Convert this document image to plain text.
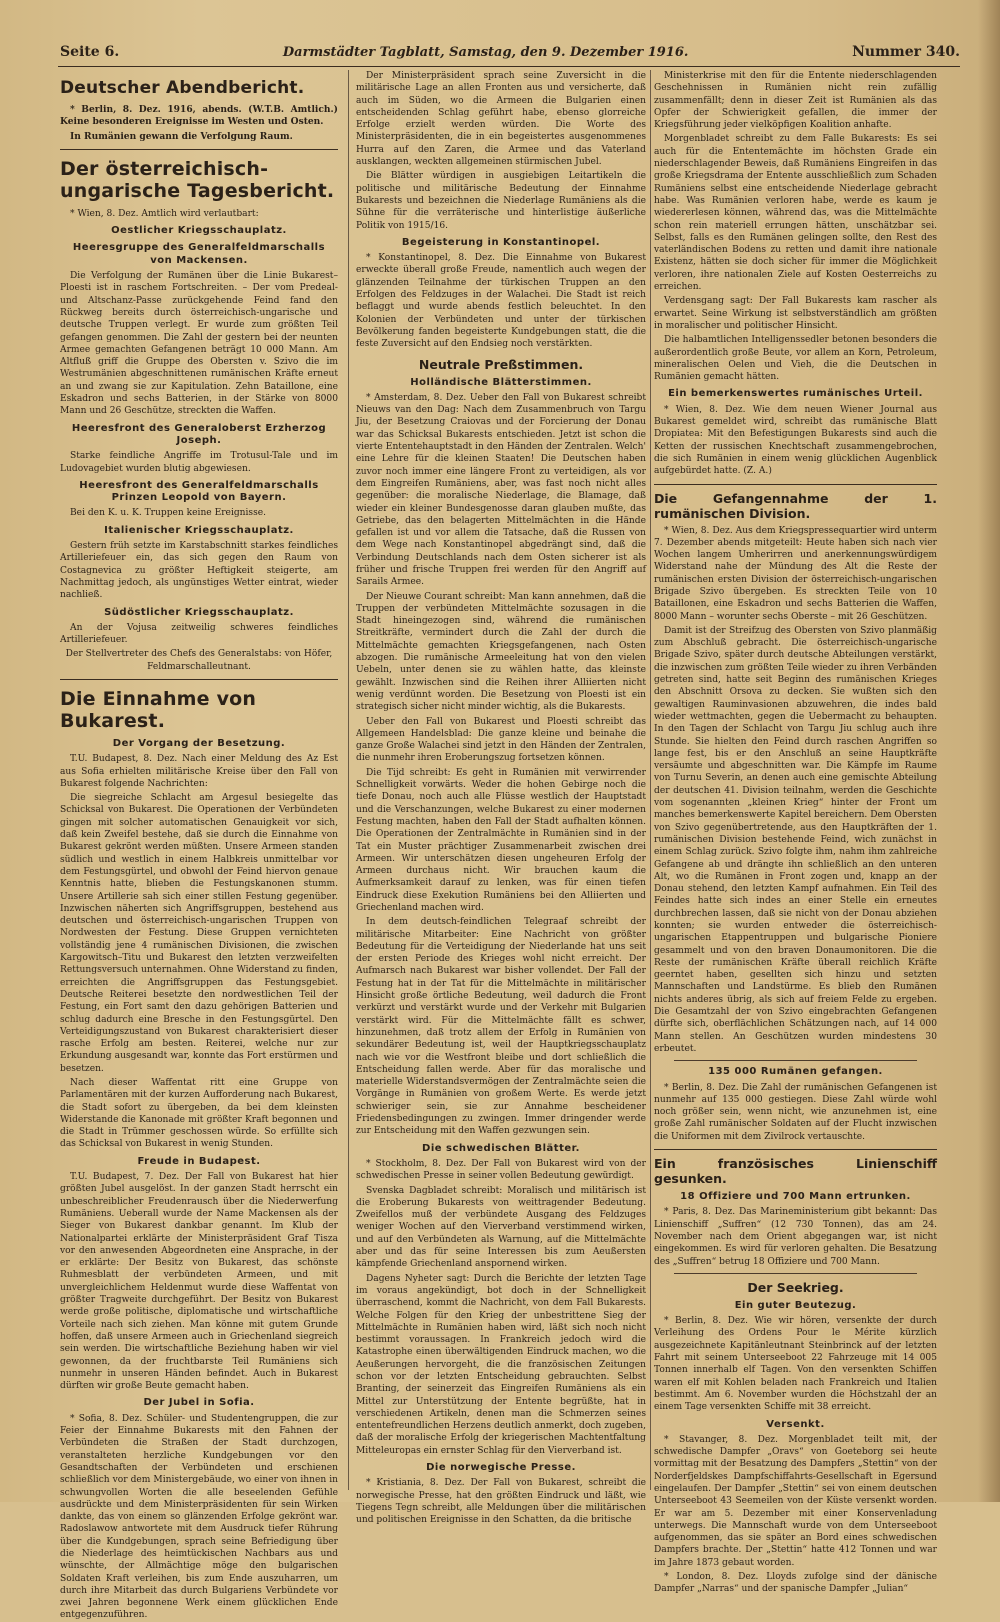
Seite 6.	Darmstädter Tagblatt, Samstag, den 9. Dezember 1916.	Nummer 340.
Deutscher Abendbericht.

* Berlin, 8. Dez. 1916, abends. (W.T.B. Amtlich.) Keine besonderen Ereignisse im Westen und Osten.

In Rumänien gewann die Verfolgung Raum.

Der österreichisch-ungarische Tagesbericht.

* Wien, 8. Dez. Amtlich wird verlautbart:

Oestlicher Kriegsschauplatz.
Heeresgruppe des Generalfeldmarschalls von Mackensen.

Die Verfolgung der Rumänen über die Linie Bukarest–Ploesti ist in raschem Fortschreiten. – Der vom Predeal- und Altschanz-Passe zurückgehende Feind fand den Rückweg bereits durch österreichisch-ungarische und deutsche Truppen verlegt. Er wurde zum größten Teil gefangen genommen. Die Zahl der gestern bei der neunten Armee gemachten Gefangenen beträgt 10 000 Mann. Am Altfluß griff die Gruppe des Obersten v. Szivo die im Westrumänien abgeschnittenen rumänischen Kräfte erneut an und zwang sie zur Kapitulation. Zehn Bataillone, eine Eskadron und sechs Batterien, in der Stärke von 8000 Mann und 26 Geschütze, streckten die Waffen.

Heeresfront des Generaloberst Erzherzog Joseph.

Starke feindliche Angriffe im Trotusul-Tale und im Ludovagebiet wurden blutig abgewiesen.

Heeresfront des Generalfeldmarschalls Prinzen Leopold von Bayern.

Bei den K. u. K. Truppen keine Ereignisse.

Italienischer Kriegsschauplatz.

Gestern früh setzte im Karstabschnitt starkes feindliches Artilleriefeuer ein, das sich gegen den Raum von Costagnevica zu größter Heftigkeit steigerte, am Nachmittag jedoch, als ungünstiges Wetter eintrat, wieder nachließ.

Südöstlicher Kriegsschauplatz.

An der Vojusa zeitweilig schweres feindliches Artilleriefeuer.

Der Stellvertreter des Chefs des Generalstabs: von Höfer, Feldmarschalleutnant.

Die Einnahme von Bukarest.
Der Vorgang der Besetzung.

T.U. Budapest, 8. Dez. Nach einer Meldung des Az Est aus Sofia erhielten militärische Kreise über den Fall von Bukarest folgende Nachrichten:

Die siegreiche Schlacht am Argesul besiegelte das Schicksal von Bukarest. Die Operationen der Verbündeten gingen mit solcher automatischen Genauigkeit vor sich, daß kein Zweifel bestehe, daß sie durch die Einnahme von Bukarest gekrönt werden müßten. Unsere Armeen standen südlich und westlich in einem Halbkreis unmittelbar vor dem Festungsgürtel, und obwohl der Feind hiervon genaue Kenntnis hatte, blieben die Festungskanonen stumm. Unsere Artillerie sah sich einer stillen Festung gegenüber. Inzwischen näherten sich Angriffsgruppen, bestehend aus deutschen und österreichisch-ungarischen Truppen von Nordwesten der Festung. Diese Gruppen vernichteten vollständig jene 4 rumänischen Divisionen, die zwischen Kargowitsch–Titu und Bukarest den letzten verzweifelten Rettungsversuch unternahmen. Ohne Widerstand zu finden, erreichten die Angriffsgruppen das Festungsgebiet. Deutsche Reiterei besetzte den nordwestlichen Teil der Festung, ein Fort samt den dazu gehörigen Batterien und schlug dadurch eine Bresche in den Festungsgürtel. Den Verteidigungszustand von Bukarest charakterisiert dieser rasche Erfolg am besten. Reiterei, welche nur zur Erkundung ausgesandt war, konnte das Fort erstürmen und besetzen.

Nach dieser Waffentat ritt eine Gruppe von Parlamentären mit der kurzen Aufforderung nach Bukarest, die Stadt sofort zu übergeben, da bei dem kleinsten Widerstande die Kanonade mit größter Kraft begonnen und die Stadt in Trümmer geschossen würde. So erfüllte sich das Schicksal von Bukarest in wenig Stunden.

Freude in Budapest.

T.U. Budapest, 7. Dez. Der Fall von Bukarest hat hier größten Jubel ausgelöst. In der ganzen Stadt herrscht ein unbeschreiblicher Freudenrausch über die Niederwerfung Rumäniens. Ueberall wurde der Name Mackensen als der Sieger von Bukarest dankbar genannt. Im Klub der Nationalpartei erklärte der Ministerpräsident Graf Tisza vor den anwesenden Abgeordneten eine Ansprache, in der er erklärte: Der Besitz von Bukarest, das schönste Ruhmesblatt der verbündeten Armeen, und mit unvergleichlichem Heldenmut wurde diese Waffentat von größter Tragweite durchgeführt. Der Besitz von Bukarest werde große politische, diplomatische und wirtschaftliche Vorteile nach sich ziehen. Man könne mit gutem Grunde hoffen, daß unsere Armeen auch in Griechenland siegreich sein werden. Die wirtschaftliche Beziehung haben wir viel gewonnen, da der fruchtbarste Teil Rumäniens sich nunmehr in unseren Händen befindet. Auch in Bukarest dürften wir große Beute gemacht haben.

Der Jubel in Sofia.

* Sofia, 8. Dez. Schüler- und Studentengruppen, die zur Feier der Einnahme Bukarests mit den Fahnen der Verbündeten die Straßen der Stadt durchzogen, veranstalteten herzliche Kundgebungen vor den Gesandtschaften der Verbündeten und erschienen schließlich vor dem Ministergebäude, wo einer von ihnen in schwungvollen Worten die alle beseelenden Gefühle ausdrückte und dem Ministerpräsidenten für sein Wirken dankte, das von einem so glänzenden Erfolge gekrönt war. Radoslawow antwortete mit dem Ausdruck tiefer Rührung über die Kundgebungen, sprach seine Befriedigung über die Niederlage des heimtückischen Nachbars aus und wünschte, der Allmächtige möge den bulgarischen Soldaten Kraft verleihen, bis zum Ende auszuharren, um durch ihre Mitarbeit das durch Bulgariens Verbündete vor zwei Jahren begonnene Werk einem glücklichen Ende entgegenzuführen.

Der Ministerpräsident sprach seine Zuversicht in die militärische Lage an allen Fronten aus und versicherte, daß auch im Süden, wo die Armeen die Bulgarien einen entscheidenden Schlag geführt habe, ebenso glorreiche Erfolge erzielt werden würden. Die Worte des Ministerpräsidenten, die in ein begeistertes ausgenommenes Hurra auf den Zaren, die Armee und das Vaterland ausklangen, weckten allgemeinen stürmischen Jubel.

Die Blätter würdigen in ausgiebigen Leitartikeln die politische und militärische Bedeutung der Einnahme Bukarests und bezeichnen die Niederlage Rumäniens als die Sühne für die verräterische und hinterlistige äußerliche Politik von 1915/16.

Begeisterung in Konstantinopel.

* Konstantinopel, 8. Dez. Die Einnahme von Bukarest erweckte überall große Freude, namentlich auch wegen der glänzenden Teilnahme der türkischen Truppen an den Erfolgen des Feldzuges in der Walachei. Die Stadt ist reich beflaggt und wurde abends festlich beleuchtet. In den Kolonien der Verbündeten und unter der türkischen Bevölkerung fanden begeisterte Kundgebungen statt, die die feste Zuversicht auf den Endsieg noch verstärkten.

Neutrale Preßstimmen.
Holländische Blätterstimmen.

* Amsterdam, 8. Dez. Ueber den Fall von Bukarest schreibt Nieuws van den Dag: Nach dem Zusammenbruch von Targu Jiu, der Besetzung Craiovas und der Forcierung der Donau war das Schicksal Bukarests entschieden. Jetzt ist schon die vierte Ententehauptstadt in den Händen der Zentralen. Welch' eine Lehre für die kleinen Staaten! Die Deutschen haben zuvor noch immer eine längere Front zu verteidigen, als vor dem Eingreifen Rumäniens, aber, was fast noch nicht alles gegenüber: die moralische Niederlage, die Blamage, daß wieder ein kleiner Bundesgenosse daran glauben mußte, das Getriebe, das den belagerten Mittelmächten in die Hände gefallen ist und vor allem die Tatsache, daß die Russen von dem Wege nach Konstantinopel abgedrängt sind, daß die Verbindung Deutschlands nach dem Osten sicherer ist als früher und frische Truppen frei werden für den Angriff auf Sarails Armee.

Der Nieuwe Courant schreibt: Man kann annehmen, daß die Truppen der verbündeten Mittelmächte sozusagen in die Stadt hineingezogen sind, während die rumänischen Streitkräfte, vermindert durch die Zahl der durch die Mittelmächte gemachten Kriegsgefangenen, nach Osten abzogen. Die rumänische Armeeleitung hat von den vielen Uebeln, unter denen sie zu wählen hatte, das kleinste gewählt. Inzwischen sind die Reihen ihrer Alliierten nicht wenig verdünnt worden. Die Besetzung von Ploesti ist ein strategisch sicher nicht minder wichtig, als die Bukarests.

Ueber den Fall von Bukarest und Ploesti schreibt das Allgemeen Handelsblad: Die ganze kleine und beinahe die ganze Große Walachei sind jetzt in den Händen der Zentralen, die nunmehr ihren Eroberungszug fortsetzen können.

Die Tijd schreibt: Es geht in Rumänien mit verwirrender Schnelligkeit vorwärts. Weder die hohen Gebirge noch die tiefe Donau, noch auch alle Flüsse westlich der Hauptstadt und die Verschanzungen, welche Bukarest zu einer modernen Festung machten, haben den Fall der Stadt aufhalten können. Die Operationen der Zentralmächte in Rumänien sind in der Tat ein Muster prächtiger Zusammenarbeit zwischen drei Armeen. Wir unterschätzen diesen ungeheuren Erfolg der Armeen durchaus nicht. Wir brauchen kaum die Aufmerksamkeit darauf zu lenken, was für einen tiefen Eindruck diese Exekution Rumäniens bei den Alliierten und Griechenland machen wird.

In dem deutsch-feindlichen Telegraaf schreibt der militärische Mitarbeiter: Eine Nachricht von größter Bedeutung für die Verteidigung der Niederlande hat uns seit der ersten Periode des Krieges wohl nicht erreicht. Der Aufmarsch nach Bukarest war bisher vollendet. Der Fall der Festung hat in der Tat für die Mittelmächte in militärischer Hinsicht große örtliche Bedeutung, weil dadurch die Front verkürzt und verstärkt wurde und der Verkehr mit Bulgarien verstärkt wird. Für die Mittelmächte fällt es schwer, hinzunehmen, daß trotz allem der Erfolg in Rumänien von sekundärer Bedeutung ist, weil der Hauptkriegsschauplatz nach wie vor die Westfront bleibe und dort schließlich die Entscheidung fallen werde. Aber für das moralische und materielle Widerstandsvermögen der Zentralmächte seien die Vorgänge in Rumänien von großem Werte. Es werde jetzt schwieriger sein, sie zur Annahme bescheidener Friedensbedingungen zu zwingen. Immer dringender werde zur Entscheidung mit den Waffen gezwungen sein.

Die schwedischen Blätter.

* Stockholm, 8. Dez. Der Fall von Bukarest wird von der schwedischen Presse in seiner vollen Bedeutung gewürdigt.

Svenska Dagbladet schreibt: Moralisch und militärisch ist die Eroberung Bukarests von weittragender Bedeutung. Zweifellos muß der verbündete Ausgang des Feldzuges weniger Wochen auf den Vierverband verstimmend wirken, und auf den Verbündeten als Warnung, auf die Mittelmächte aber und das für seine Interessen bis zum Aeußersten kämpfende Griechenland anspornend wirken.

Dagens Nyheter sagt: Durch die Berichte der letzten Tage im voraus angekündigt, bot doch in der Schnelligkeit überraschend, kommt die Nachricht, von dem Fall Bukarests. Welche Folgen für den Krieg der unbestrittene Sieg der Mittelmächte in Rumänien haben wird, läßt sich noch nicht bestimmt voraussagen. In Frankreich jedoch wird die Katastrophe einen überwältigenden Eindruck machen, wo die Aeußerungen hervorgeht, die die französischen Zeitungen schon vor der letzten Entscheidung gebrauchten. Selbst Branting, der seinerzeit das Eingreifen Rumäniens als ein Mittel zur Unterstützung der Entente begrüßte, hat in verschiedenen Artikeln, denen man die Schmerzen seines ententefreundlichen Herzens deutlich anmerkt, doch zugeben, daß der moralische Erfolg der kriegerischen Machtentfaltung Mitteleuropas ein ernster Schlag für den Vierverband ist.

Die norwegische Presse.

* Kristiania, 8. Dez. Der Fall von Bukarest, schreibt die norwegische Presse, hat den größten Eindruck und läßt, wie Tiegens Tegn schreibt, alle Meldungen über die militärischen und politischen Ereignisse in den Schatten, da die britische

Ministerkrise mit den für die Entente niederschlagenden Geschehnissen in Rumänien nicht rein zufällig zusammenfällt; denn in dieser Zeit ist Rumänien als das Opfer der Schwierigkeit gefallen, die immer der Kriegsführung jeder vielköpfigen Koalition anhafte.

Morgenbladet schreibt zu dem Falle Bukarests: Es sei auch für die Ententemächte im höchsten Grade ein niederschlagender Beweis, daß Rumäniens Eingreifen in das große Kriegsdrama der Entente ausschließlich zum Schaden Rumäniens selbst eine entscheidende Niederlage gebracht habe. Was Rumänien verloren habe, werde es kaum je wiedererlesen können, während das, was die Mittelmächte schon rein materiell errungen hätten, unschätzbar sei. Selbst, falls es den Rumänen gelingen sollte, den Rest des vaterländischen Bodens zu retten und damit ihre nationale Existenz, hätten sie doch sicher für immer die Möglichkeit verloren, ihre nationalen Ziele auf Kosten Oesterreichs zu erreichen.

Verdensgang sagt: Der Fall Bukarests kam rascher als erwartet. Seine Wirkung ist selbstverständlich am größten in moralischer und politischer Hinsicht.

Die halbamtlichen Intelligenssedler betonen besonders die außerordentlich große Beute, vor allem an Korn, Petroleum, mineralischen Oelen und Vieh, die die Deutschen in Rumänien gemacht hätten.

Ein bemerkenswertes rumänisches Urteil.

* Wien, 8. Dez. Wie dem neuen Wiener Journal aus Bukarest gemeldet wird, schreibt das rumänische Blatt Dropiatea: Mit den Befestigungen Bukarests sind auch die Ketten der russischen Knechtschaft zusammengebrochen, die sich Rumänien in einem wenig glücklichen Augenblick aufgebürdet hatte. (Z. A.)

Die Gefangennahme der 1. rumänischen Division.

* Wien, 8. Dez. Aus dem Kriegspressequartier wird unterm 7. Dezember abends mitgeteilt: Heute haben sich nach vier Wochen langem Umherirren und anerkennungswürdigem Widerstand nahe der Mündung des Alt die Reste der rumänischen ersten Division der österreichisch-ungarischen Brigade Szivo übergeben. Es streckten Teile von 10 Bataillonen, eine Eskadron und sechs Batterien die Waffen, 8000 Mann – worunter sechs Oberste – mit 26 Geschützen.

Damit ist der Streifzug des Obersten von Szivo planmäßig zum Abschluß gebracht. Die österreichisch-ungarische Brigade Szivo, später durch deutsche Abteilungen verstärkt, die inzwischen zum größten Teile wieder zu ihren Verbänden getreten sind, hatte seit Beginn des rumänischen Krieges den Abschnitt Orsova zu decken. Sie wußten sich den gewaltigen Rauminvasionen abzuwehren, die indes bald wieder wettmachten, gegen die Uebermacht zu behaupten. In den Tagen der Schlacht von Targu Jiu schlug auch ihre Stunde. Sie hielten den Feind durch raschen Angriffen so lange fest, bis er den Anschluß an seine Hauptkräfte versäumte und abgeschnitten war. Die Kämpfe im Raume von Turnu Severin, an denen auch eine gemischte Abteilung der deutschen 41. Division teilnahm, werden die Geschichte vom sogenannten „kleinen Krieg“ hinter der Front um manches bemerkenswerte Kapitel bereichern. Dem Obersten von Szivo gegenübertretende, aus den Hauptkräften der 1. rumänischen Division bestehende Feind, wich zunächst in einem Schlag zurück. Szivo folgte ihm, nahm ihm zahlreiche Gefangene ab und drängte ihn schließlich an den unteren Alt, wo die Rumänen in Front zogen und, knapp an der Donau stehend, den letzten Kampf aufnahmen. Ein Teil des Feindes hatte sich indes an einer Stelle ein erneutes durchbrechen lassen, daß sie nicht von der Donau abziehen konnten; sie wurden entweder die österreichisch-ungarischen Etappentruppen und bulgarische Pioniere gesammelt und von den braven Donaumonitoren. Die die Reste der rumänischen Kräfte überall reichlich Kräfte geerntet haben, gesellten sich hinzu und setzten Mannschaften und Landstürme. Es blieb den Rumänen nichts anderes übrig, als sich auf freiem Felde zu ergeben. Die Gesamtzahl der von Szivo eingebrachten Gefangenen dürfte sich, oberflächlichen Schätzungen nach, auf 14 000 Mann stellen. An Geschützen wurden mindestens 30 erbeutet.

135 000 Rumänen gefangen.

* Berlin, 8. Dez. Die Zahl der rumänischen Gefangenen ist nunmehr auf 135 000 gestiegen. Diese Zahl würde wohl noch größer sein, wenn nicht, wie anzunehmen ist, eine große Zahl rumänischer Soldaten auf der Flucht inzwischen die Uniformen mit dem Zivilrock vertauschte.

Ein französisches Linienschiff gesunken.
18 Offiziere und 700 Mann ertrunken.

* Paris, 8. Dez. Das Marineministerium gibt bekannt: Das Linienschiff „Suffren“ (12 730 Tonnen), das am 24. November nach dem Orient abgegangen war, ist nicht eingekommen. Es wird für verloren gehalten. Die Besatzung des „Suffren“ betrug 18 Offiziere und 700 Mann.

Der Seekrieg.
Ein guter Beutezug.

* Berlin, 8. Dez. Wie wir hören, versenkte der durch Verleihung des Ordens Pour le Mérite kürzlich ausgezeichnete Kapitänleutnant Steinbrinck auf der letzten Fahrt mit seinem Unterseeboot 22 Fahrzeuge mit 14 005 Tonnen innerhalb elf Tagen. Von den versenkten Schiffen waren elf mit Kohlen beladen nach Frankreich und Italien bestimmt. Am 6. November wurden die Höchstzahl der an einem Tage versenkten Schiffe mit 38 erreicht.

Versenkt.

* Stavanger, 8. Dez. Morgenbladet teilt mit, der schwedische Dampfer „Oravs“ von Goeteborg sei heute vormittag mit der Besatzung des Dampfers „Stettin“ von der Norderfjeldskes Dampfschiffahrts-Gesellschaft in Egersund eingelaufen. Der Dampfer „Stettin“ sei von einem deutschen Unterseeboot 43 Seemeilen von der Küste versenkt worden. Er war am 5. Dezember mit einer Konservenladung unterwegs. Die Mannschaft wurde von dem Unterseeboot aufgenommen, das sie später an Bord eines schwedischen Dampfers brachte. Der „Stettin“ hatte 412 Tonnen und war im Jahre 1873 gebaut worden.

* London, 8. Dez. Lloyds zufolge sind der dänische Dampfer „Narras“ und der spanische Dampfer „Julian“
